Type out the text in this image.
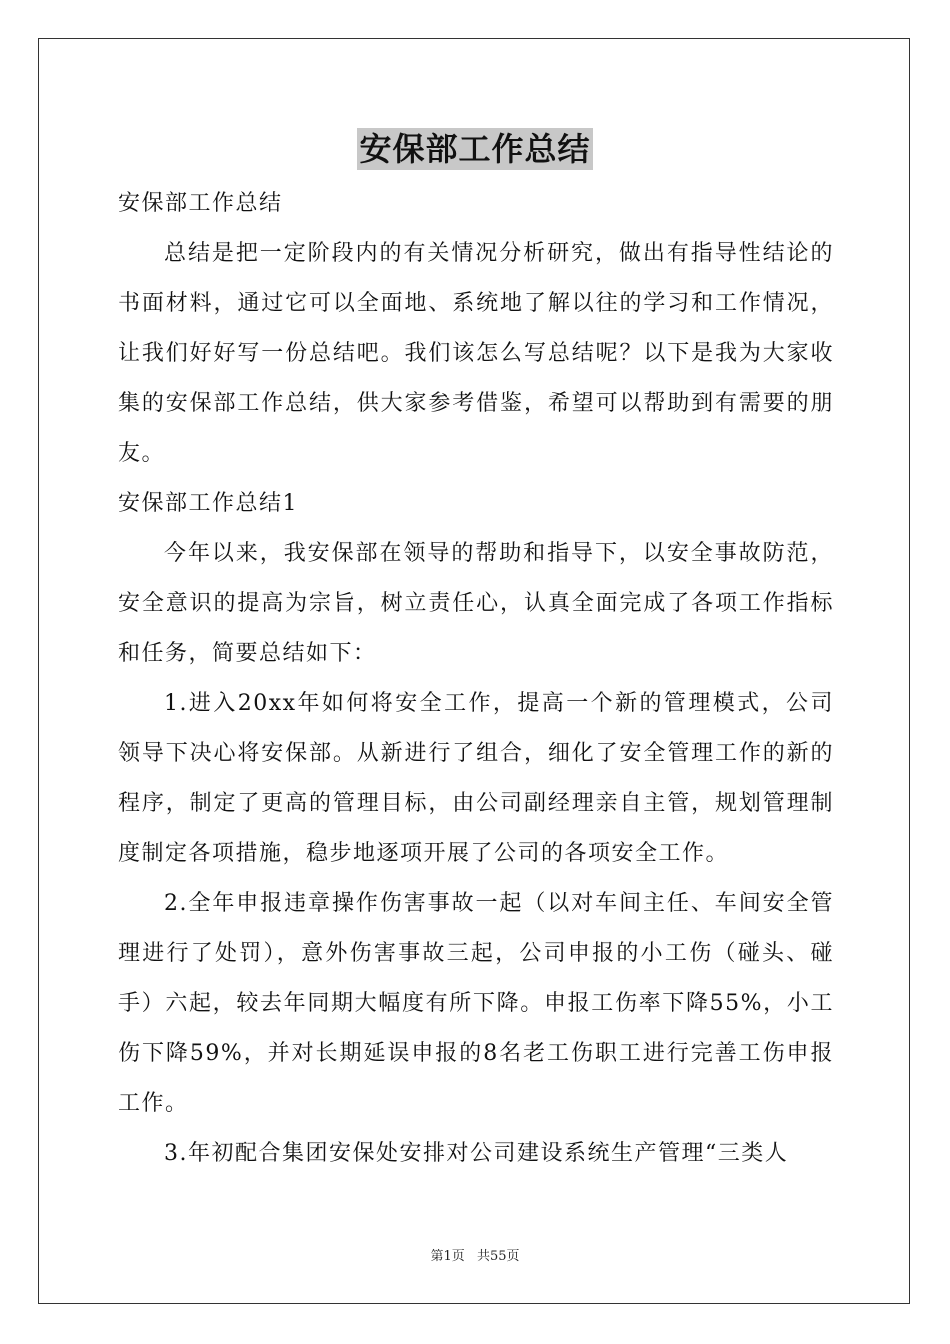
安保部工作总结

安保部工作总结

总结是把一定阶段内的有关情况分析研究，做出有指导性结论的书面材料，通过它可以全面地、系统地了解以往的学习和工作情况，让我们好好写一份总结吧。我们该怎么写总结呢？以下是我为大家收集的安保部工作总结，供大家参考借鉴，希望可以帮助到有需要的朋友。

安保部工作总结1

今年以来，我安保部在领导的帮助和指导下，以安全事故防范，安全意识的提高为宗旨，树立责任心，认真全面完成了各项工作指标和任务，简要总结如下：

1.进入20xx年如何将安全工作，提高一个新的管理模式，公司领导下决心将安保部。从新进行了组合，细化了安全管理工作的新的程序，制定了更高的管理目标，由公司副经理亲自主管，规划管理制度制定各项措施，稳步地逐项开展了公司的各项安全工作。

2.全年申报违章操作伤害事故一起（以对车间主任、车间安全管理进行了处罚），意外伤害事故三起，公司申报的小工伤（碰头、碰手）六起，较去年同期大幅度有所下降。申报工伤率下降55%，小工伤下降59%，并对长期延误申报的8名老工伤职工进行完善工伤申报工作。

3.年初配合集团安保处安排对公司建设系统生产管理“三类人

第1页 共55页
